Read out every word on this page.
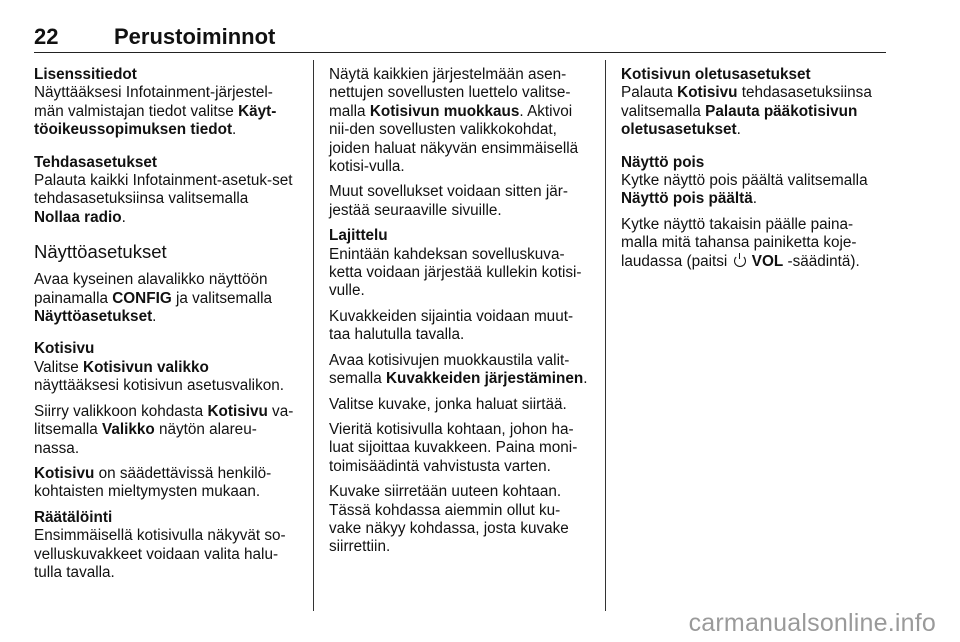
22	Perustoiminnot
Lisenssitiedot

Näyttääksesi Infotainment-järjestel-män valmistajan tiedot valitse Käyt-töoikeussopimuksen tiedot.

Tehdasasetukset

Palauta kaikki Infotainment-asetuk-set tehdasasetuksiinsa valitsemalla Nollaa radio.

Näyttöasetukset

Avaa kyseinen alavalikko näyttöön painamalla CONFIG ja valitsemalla Näyttöasetukset.

Kotisivu

Valitse Kotisivun valikko näyttääksesi kotisivun asetusvalikon.

Siirry valikkoon kohdasta Kotisivu va-litsemalla Valikko näytön alareu-nassa.

Kotisivu on säädettävissä henkilö-kohtaisten mieltymysten mukaan.

Räätälöinti

Ensimmäisellä kotisivulla näkyvät so-velluskuvakkeet voidaan valita halu-tulla tavalla.

Näytä kaikkien järjestelmään asen-nettujen sovellusten luettelo valitse-malla Kotisivun muokkaus. Aktivoi nii-den sovellusten valikkokohdat, joiden haluat näkyvän ensimmäisellä kotisi-vulla.

Muut sovellukset voidaan sitten jär-jestää seuraaville sivuille.

Lajittelu

Enintään kahdeksan sovelluskuva-ketta voidaan järjestää kullekin kotisi-vulle.

Kuvakkeiden sijaintia voidaan muut-taa halutulla tavalla.

Avaa kotisivujen muokkaustila valit-semalla Kuvakkeiden järjestäminen.

Valitse kuvake, jonka haluat siirtää.

Vieritä kotisivulla kohtaan, johon ha-luat sijoittaa kuvakkeen. Paina moni-toimisäädintä vahvistusta varten.

Kuvake siirretään uuteen kohtaan. Tässä kohdassa aiemmin ollut ku-vake näkyy kohdassa, josta kuvake siirrettiin.

Kotisivun oletusasetukset

Palauta Kotisivu tehdasasetuksiinsa valitsemalla Palauta pääkotisivun oletusasetukset.

Näyttö pois

Kytke näyttö pois päältä valitsemalla Näyttö pois päältä.

Kytke näyttö takaisin päälle paina-malla mitä tahansa painiketta koje-laudassa (paitsi  VOL -säädintä).

carmanualsonline.info
